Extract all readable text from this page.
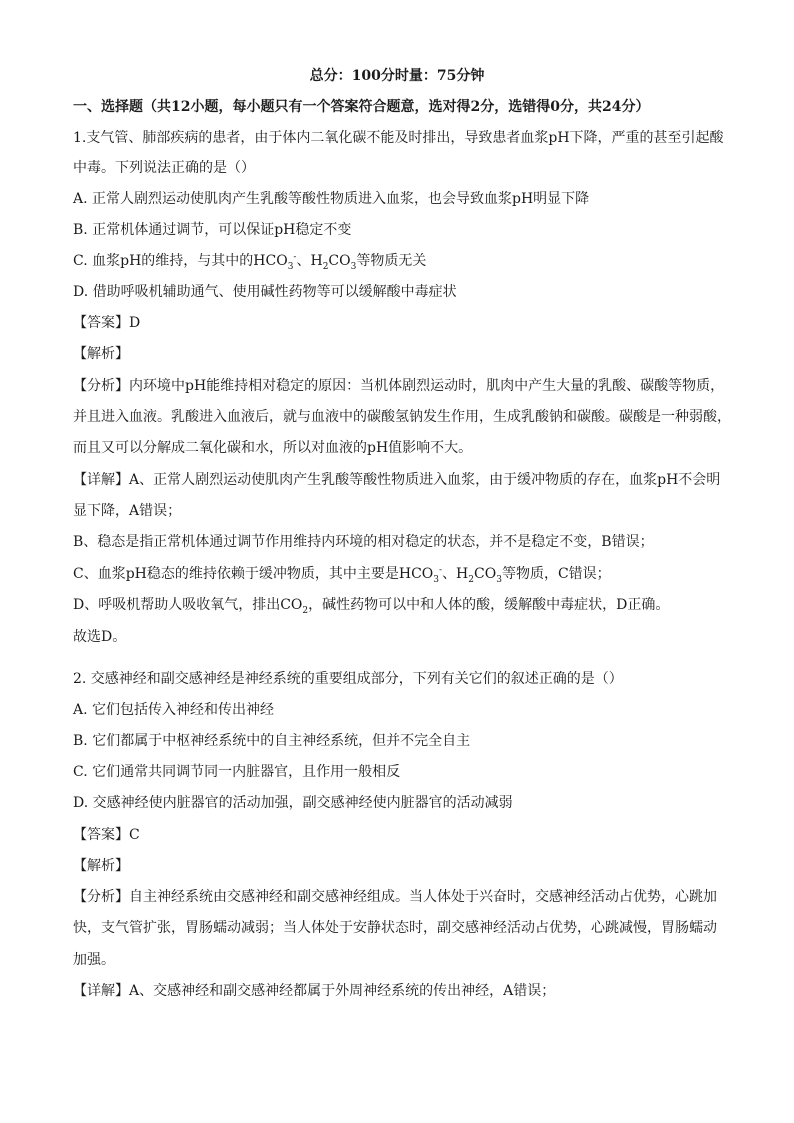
总分：100分时量：75分钟
一、选择题（共12小题，每小题只有一个答案符合题意，选对得2分，选错得0分，共24分）
1.支气管、肺部疾病的患者，由于体内二氧化碳不能及时排出，导致患者血浆pH下降，严重的甚至引起酸
中毒。下列说法正确的是（）
A. 正常人剧烈运动使肌肉产生乳酸等酸性物质进入血浆，也会导致血浆pH明显下降
B. 正常机体通过调节，可以保证pH稳定不变
C. 血浆pH的维持，与其中的$HCO_3^-$、$H_2CO_3$等物质无关
D. 借助呼吸机辅助通气、使用碱性药物等可以缓解酸中毒症状
【答案】D
【解析】
【分析】内环境中pH能维持相对稳定的原因：当机体剧烈运动时，肌肉中产生大量的乳酸、碳酸等物质，
并且进入血液。乳酸进入血液后，就与血液中的碳酸氢钠发生作用，生成乳酸钠和碳酸。碳酸是一种弱酸，
而且又可以分解成二氧化碳和水，所以对血液的pH值影响不大。
【详解】A、正常人剧烈运动使肌肉产生乳酸等酸性物质进入血浆，由于缓冲物质的存在，血浆pH不会明
显下降，A错误；
B、稳态是指正常机体通过调节作用维持内环境的相对稳定的状态，并不是稳定不变，B错误；
C、血浆pH稳态的维持依赖于缓冲物质，其中主要是$HCO_3^-$、$H_2CO_3$等物质，C错误；
D、呼吸机帮助人吸收氧气，排出$CO_2$，碱性药物可以中和人体的酸，缓解酸中毒症状，D正确。
故选D。
2. 交感神经和副交感神经是神经系统的重要组成部分，下列有关它们的叙述正确的是（）
A. 它们包括传入神经和传出神经
B. 它们都属于中枢神经系统中的自主神经系统，但并不完全自主
C. 它们通常共同调节同一内脏器官，且作用一般相反
D. 交感神经使内脏器官的活动加强，副交感神经使内脏器官的活动减弱
【答案】C
【解析】
【分析】自主神经系统由交感神经和副交感神经组成。当人体处于兴奋时，交感神经活动占优势，心跳加
快，支气管扩张，胃肠蠕动减弱；当人体处于安静状态时，副交感神经活动占优势，心跳减慢，胃肠蠕动
加强。
【详解】A、交感神经和副交感神经都属于外周神经系统的传出神经，A错误；
